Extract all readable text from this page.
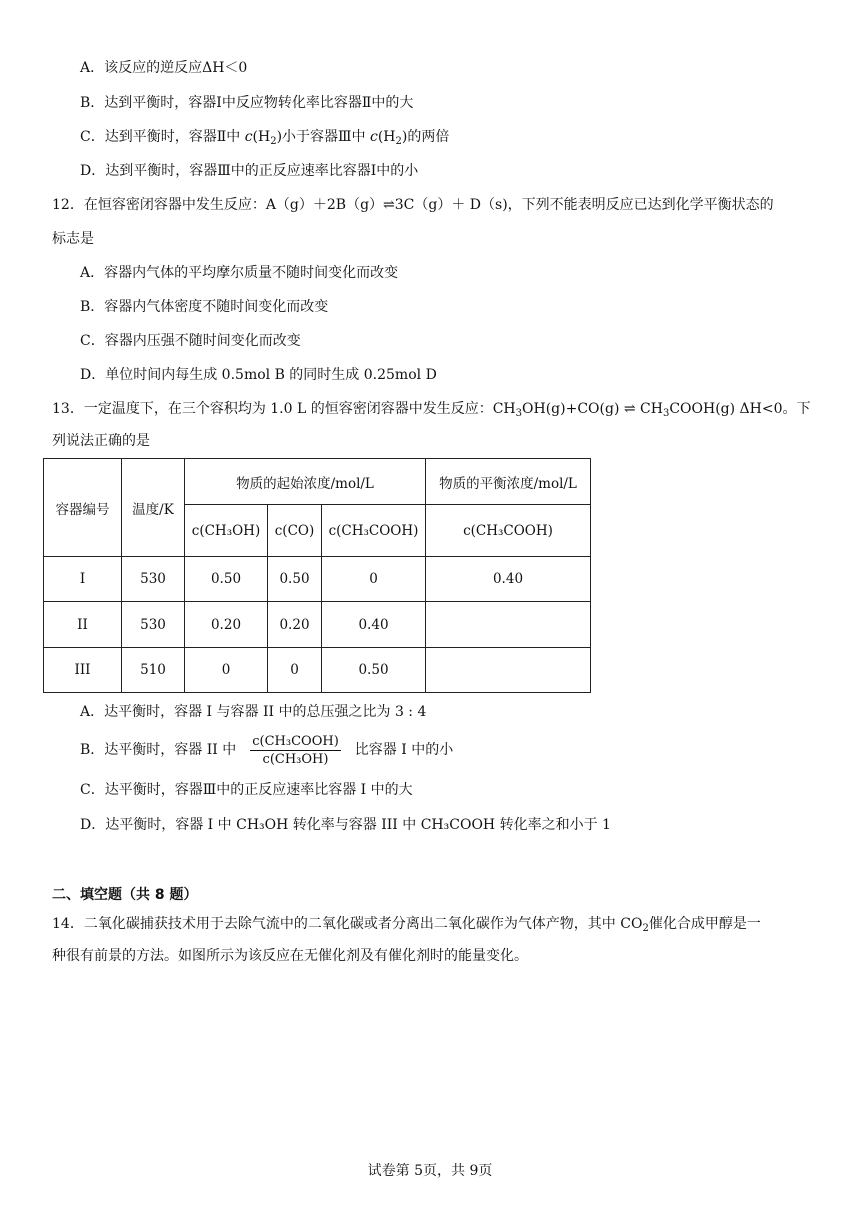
A．该反应的逆反应ΔH＜0
B．达到平衡时，容器Ⅰ中反应物转化率比容器Ⅱ中的大
C．达到平衡时，容器Ⅱ中 $c(H_2)$小于容器Ⅲ中 $c(H_2)$的两倍
D．达到平衡时，容器Ⅲ中的正反应速率比容器Ⅰ中的小
12．在恒容密闭容器中发生反应：A（g）＋2B（g）⇌3C（g）＋ D（s)，下列不能表明反应已达到化学平衡状态的
标志是
A．容器内气体的平均摩尔质量不随时间变化而改变
B．容器内气体密度不随时间变化而改变
C．容器内压强不随时间变化而改变
D．单位时间内每生成 0.5mol B 的同时生成 0.25mol D
13．一定温度下，在三个容积均为 1.0 L 的恒容密闭容器中发生反应：$CH_3OH(g)+CO(g)$ ⇌ $CH_3COOH(g)$ ΔH<0。下
列说法正确的是
容器编号	温度/K	物质的起始浓度/mol/L			物质的平衡浓度/mol/L
		c(CH₃OH)	c(CO)	c(CH₃COOH)	c(CH₃COOH)
I	530	0.50	0.50	0	0.40
II	530	0.20	0.20	0.40	
III	510	0	0	0.50	
A．达平衡时，容器 I 与容器 II 中的总压强之比为 3 : 4
B．达平衡时，容器 II 中 $\frac{\text{c(CH₃COOH)}}{\text{c(CH₃OH)}}$ 比容器 I 中的小
C．达平衡时，容器Ⅲ中的正反应速率比容器 I 中的大
D．达平衡时，容器 I 中 CH₃OH 转化率与容器 III 中 CH₃COOH 转化率之和小于 1
二、填空题（共 8 题）
14．二氧化碳捕获技术用于去除气流中的二氧化碳或者分离出二氧化碳作为气体产物，其中 $CO_2$催化合成甲醇是一
种很有前景的方法。如图所示为该反应在无催化剂及有催化剂时的能量变化。
试卷第 5页，共 9页
